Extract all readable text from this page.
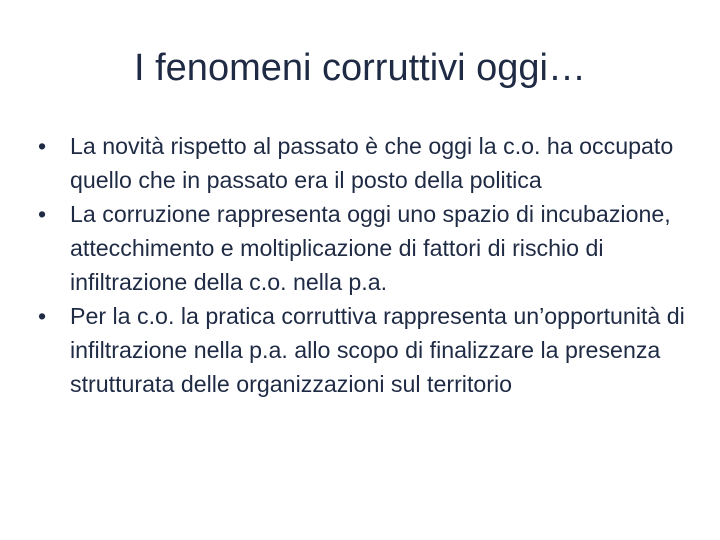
I fenomeni corruttivi oggi…
• La novità rispetto al passato è che oggi la c.o. ha occupato quello che in passato era il posto della politica
• La corruzione rappresenta oggi uno spazio di incubazione, attecchimento e moltiplicazione di fattori di rischio di infiltrazione della c.o. nella p.a.
• Per la c.o. la pratica corruttiva rappresenta un’opportunità di infiltrazione nella p.a. allo scopo di finalizzare la presenza strutturata delle organizzazioni sul territorio
